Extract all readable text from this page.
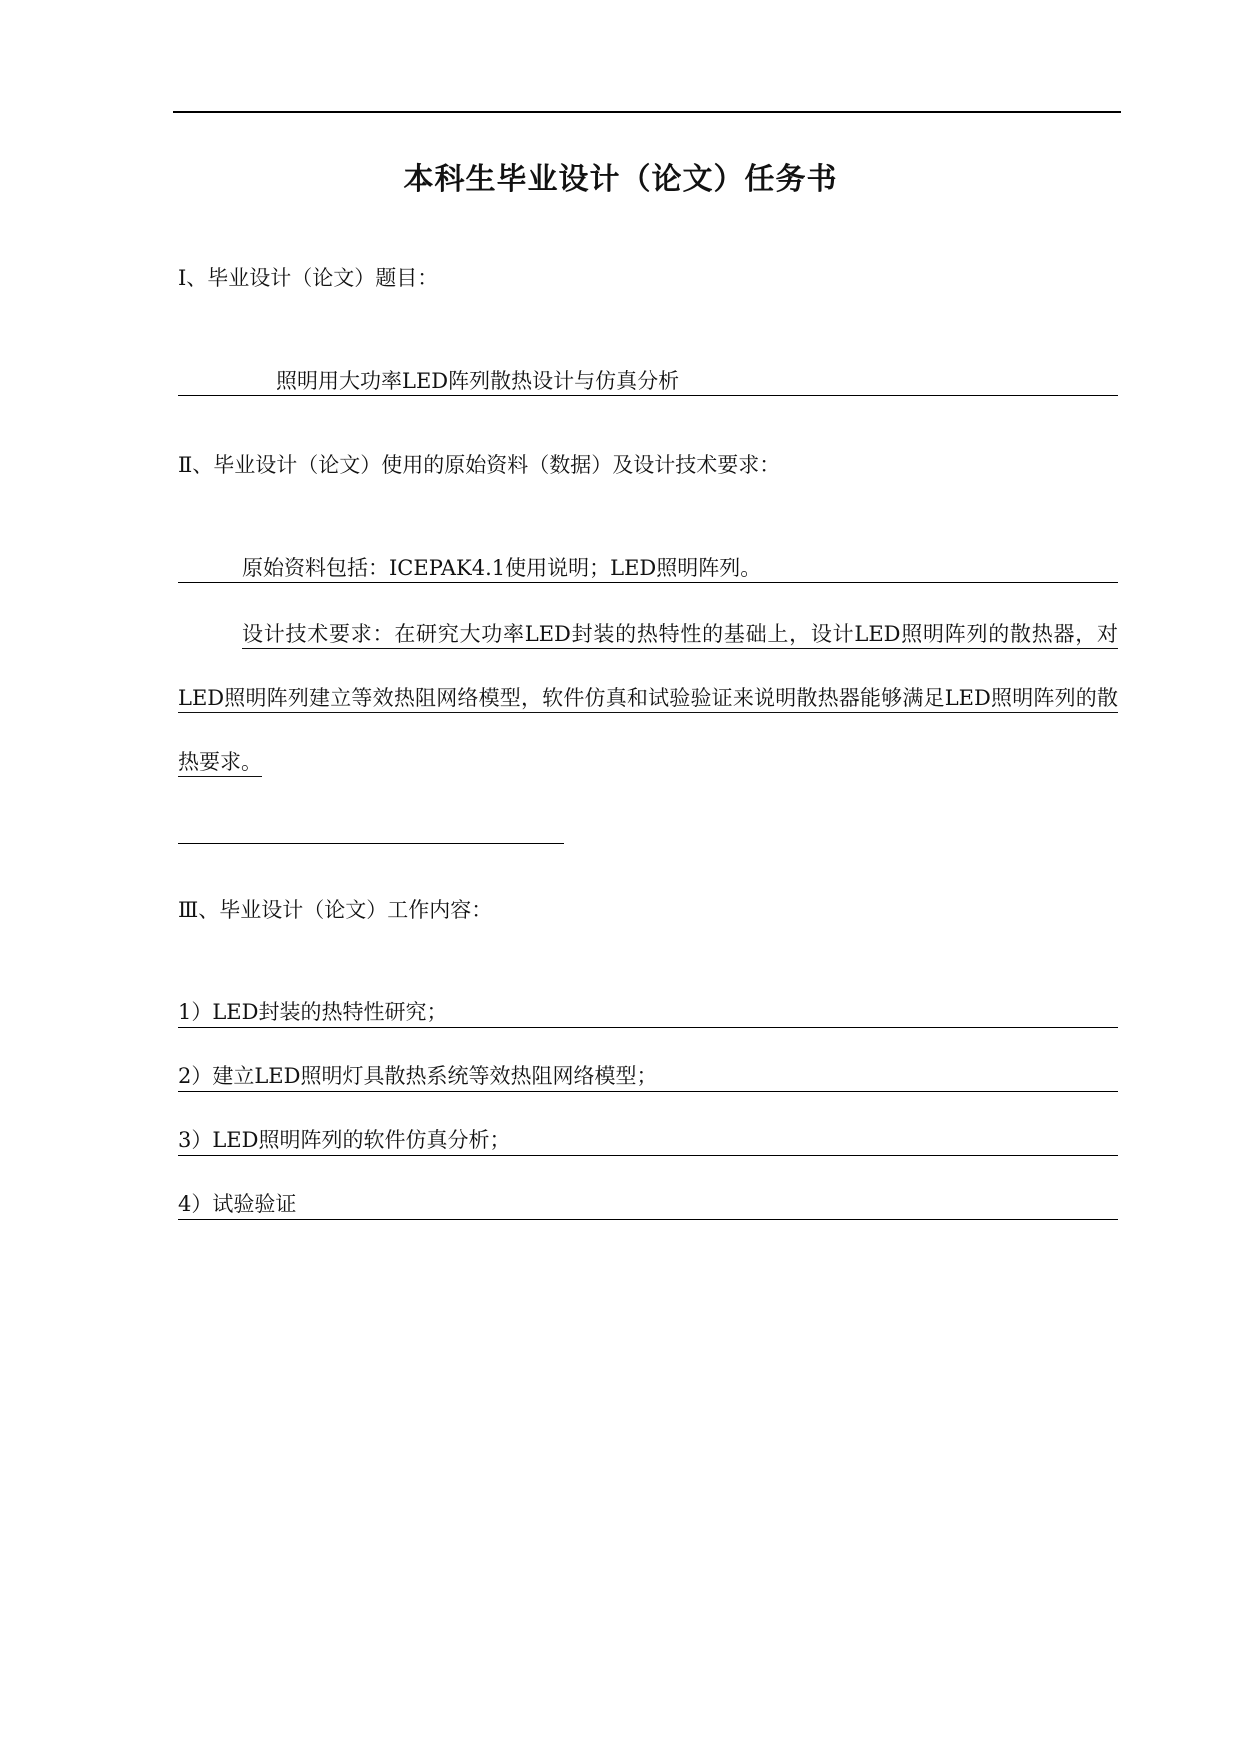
本科生毕业设计（论文）任务书
Ⅰ、毕业设计（论文）题目：
照明用大功率LED阵列散热设计与仿真分析
Ⅱ、毕业设计（论文）使用的原始资料（数据）及设计技术要求：
原始资料包括：ICEPAK4.1使用说明；LED照明阵列。
设计技术要求：在研究大功率LED封装的热特性的基础上，设计LED照明阵列的散热器，对LED照明阵列建立等效热阻网络模型，软件仿真和试验验证来说明散热器能够满足LED照明阵列的散热要求。
Ⅲ、毕业设计（论文）工作内容：
1）LED封装的热特性研究；
2）建立LED照明灯具散热系统等效热阻网络模型；
3）LED照明阵列的软件仿真分析；
4）试验验证
